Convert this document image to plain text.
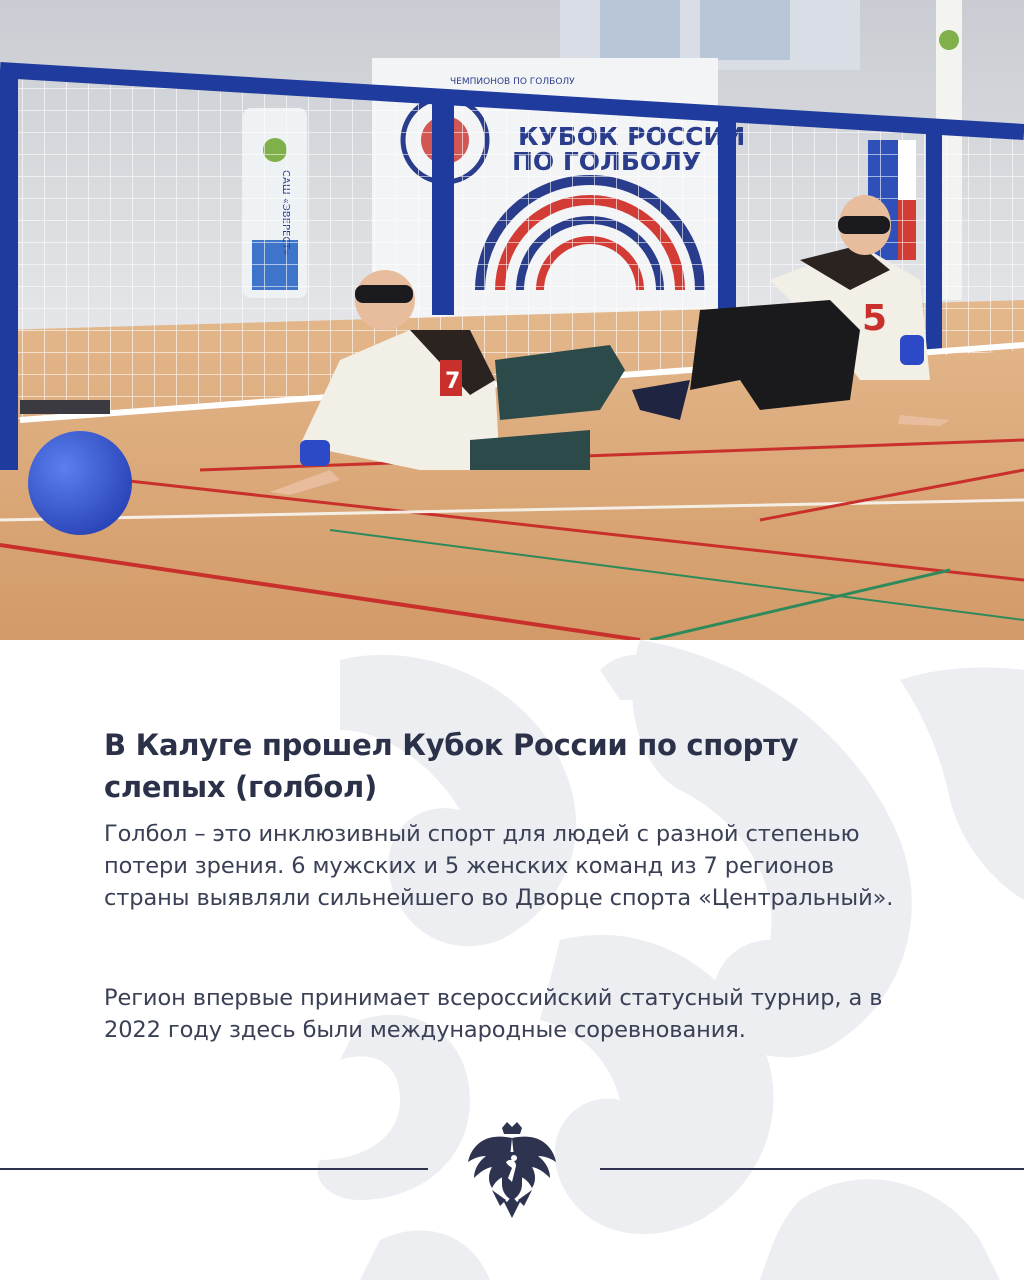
ЧЕМПИОНОВ ПО ГОЛБОЛУ
7
5
В Калуге прошел Кубок России по спорту слепых (голбол)

Голбол – это инклюзивный спорт для людей с разной степенью потери зрения. 6 мужских и 5 женских команд из 7 регионов страны выявляли сильнейшего во Дворце спорта «Центральный».

Регион впервые принимает всероссийский статусный турнир, а в 2022 году здесь были международные соревнования.
